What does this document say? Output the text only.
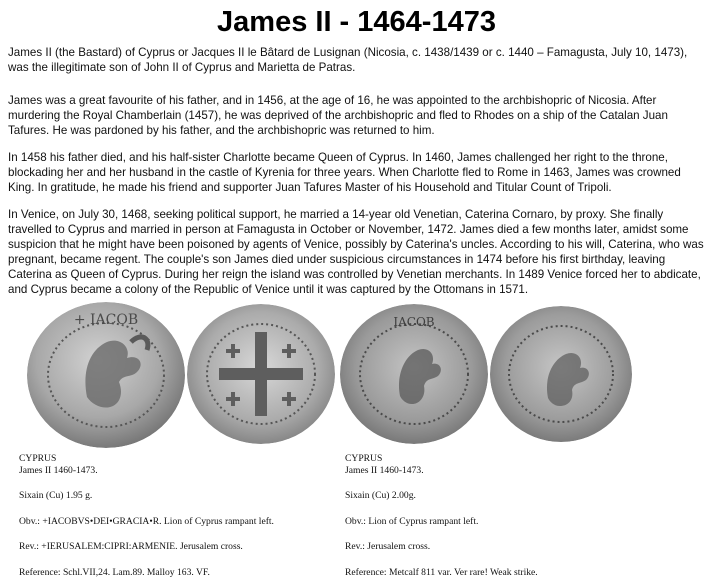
James II - 1464-1473

James II (the Bastard) of Cyprus or Jacques II le Bâtard de Lusignan (Nicosia, c. 1438/1439 or c. 1440 – Famagusta, July 10, 1473), was the illegitimate son of John II of Cyprus and Marietta de Patras.

James was a great favourite of his father, and in 1456, at the age of 16, he was appointed to the archbishopric of Nicosia. After murdering the Royal Chamberlain (1457), he was deprived of the archbishopric and fled to Rhodes on a ship of the Catalan Juan Tafures. He was pardoned by his father, and the archbishopric was returned to him.

In 1458 his father died, and his half-sister Charlotte became Queen of Cyprus. In 1460, James challenged her right to the throne, blockading her and her husband in the castle of Kyrenia for three years. When Charlotte fled to Rome in 1463, James was crowned King. In gratitude, he made his friend and supporter Juan Tafures Master of his Household and Titular Count of Tripoli.

In Venice, on July 30, 1468, seeking political support, he married a 14-year old Venetian, Caterina Cornaro, by proxy. She finally travelled to Cyprus and married in person at Famagusta in October or November, 1472. James died a few months later, amidst some suspicion that he might have been poisoned by agents of Venice, possibly by Caterina's uncles. According to his will, Caterina, who was pregnant, became regent. The couple's son James died under suspicious circumstances in 1474 before his first birthday, leaving Caterina as Queen of Cyprus. During her reign the island was controlled by Venetian merchants. In 1489 Venice forced her to abdicate, and Cyprus became a colony of the Republic of Venice until it was captured by the Ottomans in 1571.

+ IACOB	IACOB
CYPRUS
James II 1460-1473.
Sixain (Cu) 1.95 g.
Obv.: +IACOBVS•DEI•GRACIA•R. Lion of Cyprus rampant left.
Rev.: +IERUSALEM:CIPRI:ARMENIE. Jerusalem cross.
Reference: Schl.VII,24. Lam.89. Malloy 163. VF.
CYPRUS
James II 1460-1473.
Sixain (Cu) 2.00g.
Obv.: Lion of Cyprus rampant left.
Rev.: Jerusalem cross.
Reference: Metcalf 811 var. Ver rare! Weak strike.
